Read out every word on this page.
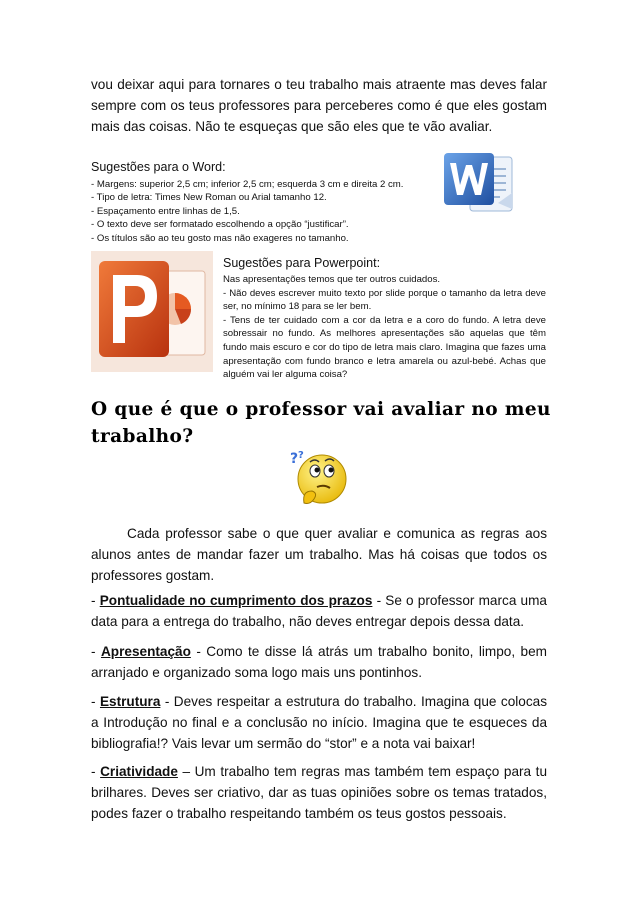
vou deixar aqui para tornares o teu trabalho mais atraente mas deves falar sempre com os teus professores para perceberes como é que eles gostam mais das coisas. Não te esqueças que são eles que te vão avaliar.

Sugestões para o Word:

- Margens: superior 2,5 cm; inferior 2,5 cm; esquerda 3 cm e direita 2 cm.
- Tipo de letra: Times New Roman ou Arial tamanho 12.
- Espaçamento entre linhas de 1,5.
- O texto deve ser formatado escolhendo a opção “justificar”.
- Os títulos são ao teu gosto mas não exageres no tamanho.

Sugestões para Powerpoint:

Nas apresentações temos que ter outros cuidados.
- Não deves escrever muito texto por slide porque o tamanho da letra deve ser, no mínimo 18 para se ler bem.
- Tens de ter cuidado com a cor da letra e a coro do fundo. A letra deve sobressair no fundo. As melhores apresentações são aquelas que têm fundo mais escuro e cor do tipo de letra mais claro. Imagina que fazes uma apresentação com fundo branco e letra amarela ou azul-bebé. Achas que alguém vai ler alguma coisa?
O que é que o professor vai avaliar no meu trabalho?
? ?
Cada professor sabe o que quer avaliar e comunica as regras aos alunos antes de mandar fazer um trabalho. Mas há coisas que todos os professores gostam.

- Pontualidade no cumprimento dos prazos - Se o professor marca uma data para a entrega do trabalho, não deves entregar depois dessa data.

- Apresentação - Como te disse lá atrás um trabalho bonito, limpo, bem arranjado e organizado soma logo mais uns pontinhos.

- Estrutura - Deves respeitar a estrutura do trabalho. Imagina que colocas a Introdução no final e a conclusão no início. Imagina que te esqueces da bibliografia!? Vais levar um sermão do “stor” e a nota vai baixar!

- Criatividade – Um trabalho tem regras mas também tem espaço para tu brilhares. Deves ser criativo, dar as tuas opiniões sobre os temas tratados, podes fazer o trabalho respeitando também os teus gostos pessoais.
